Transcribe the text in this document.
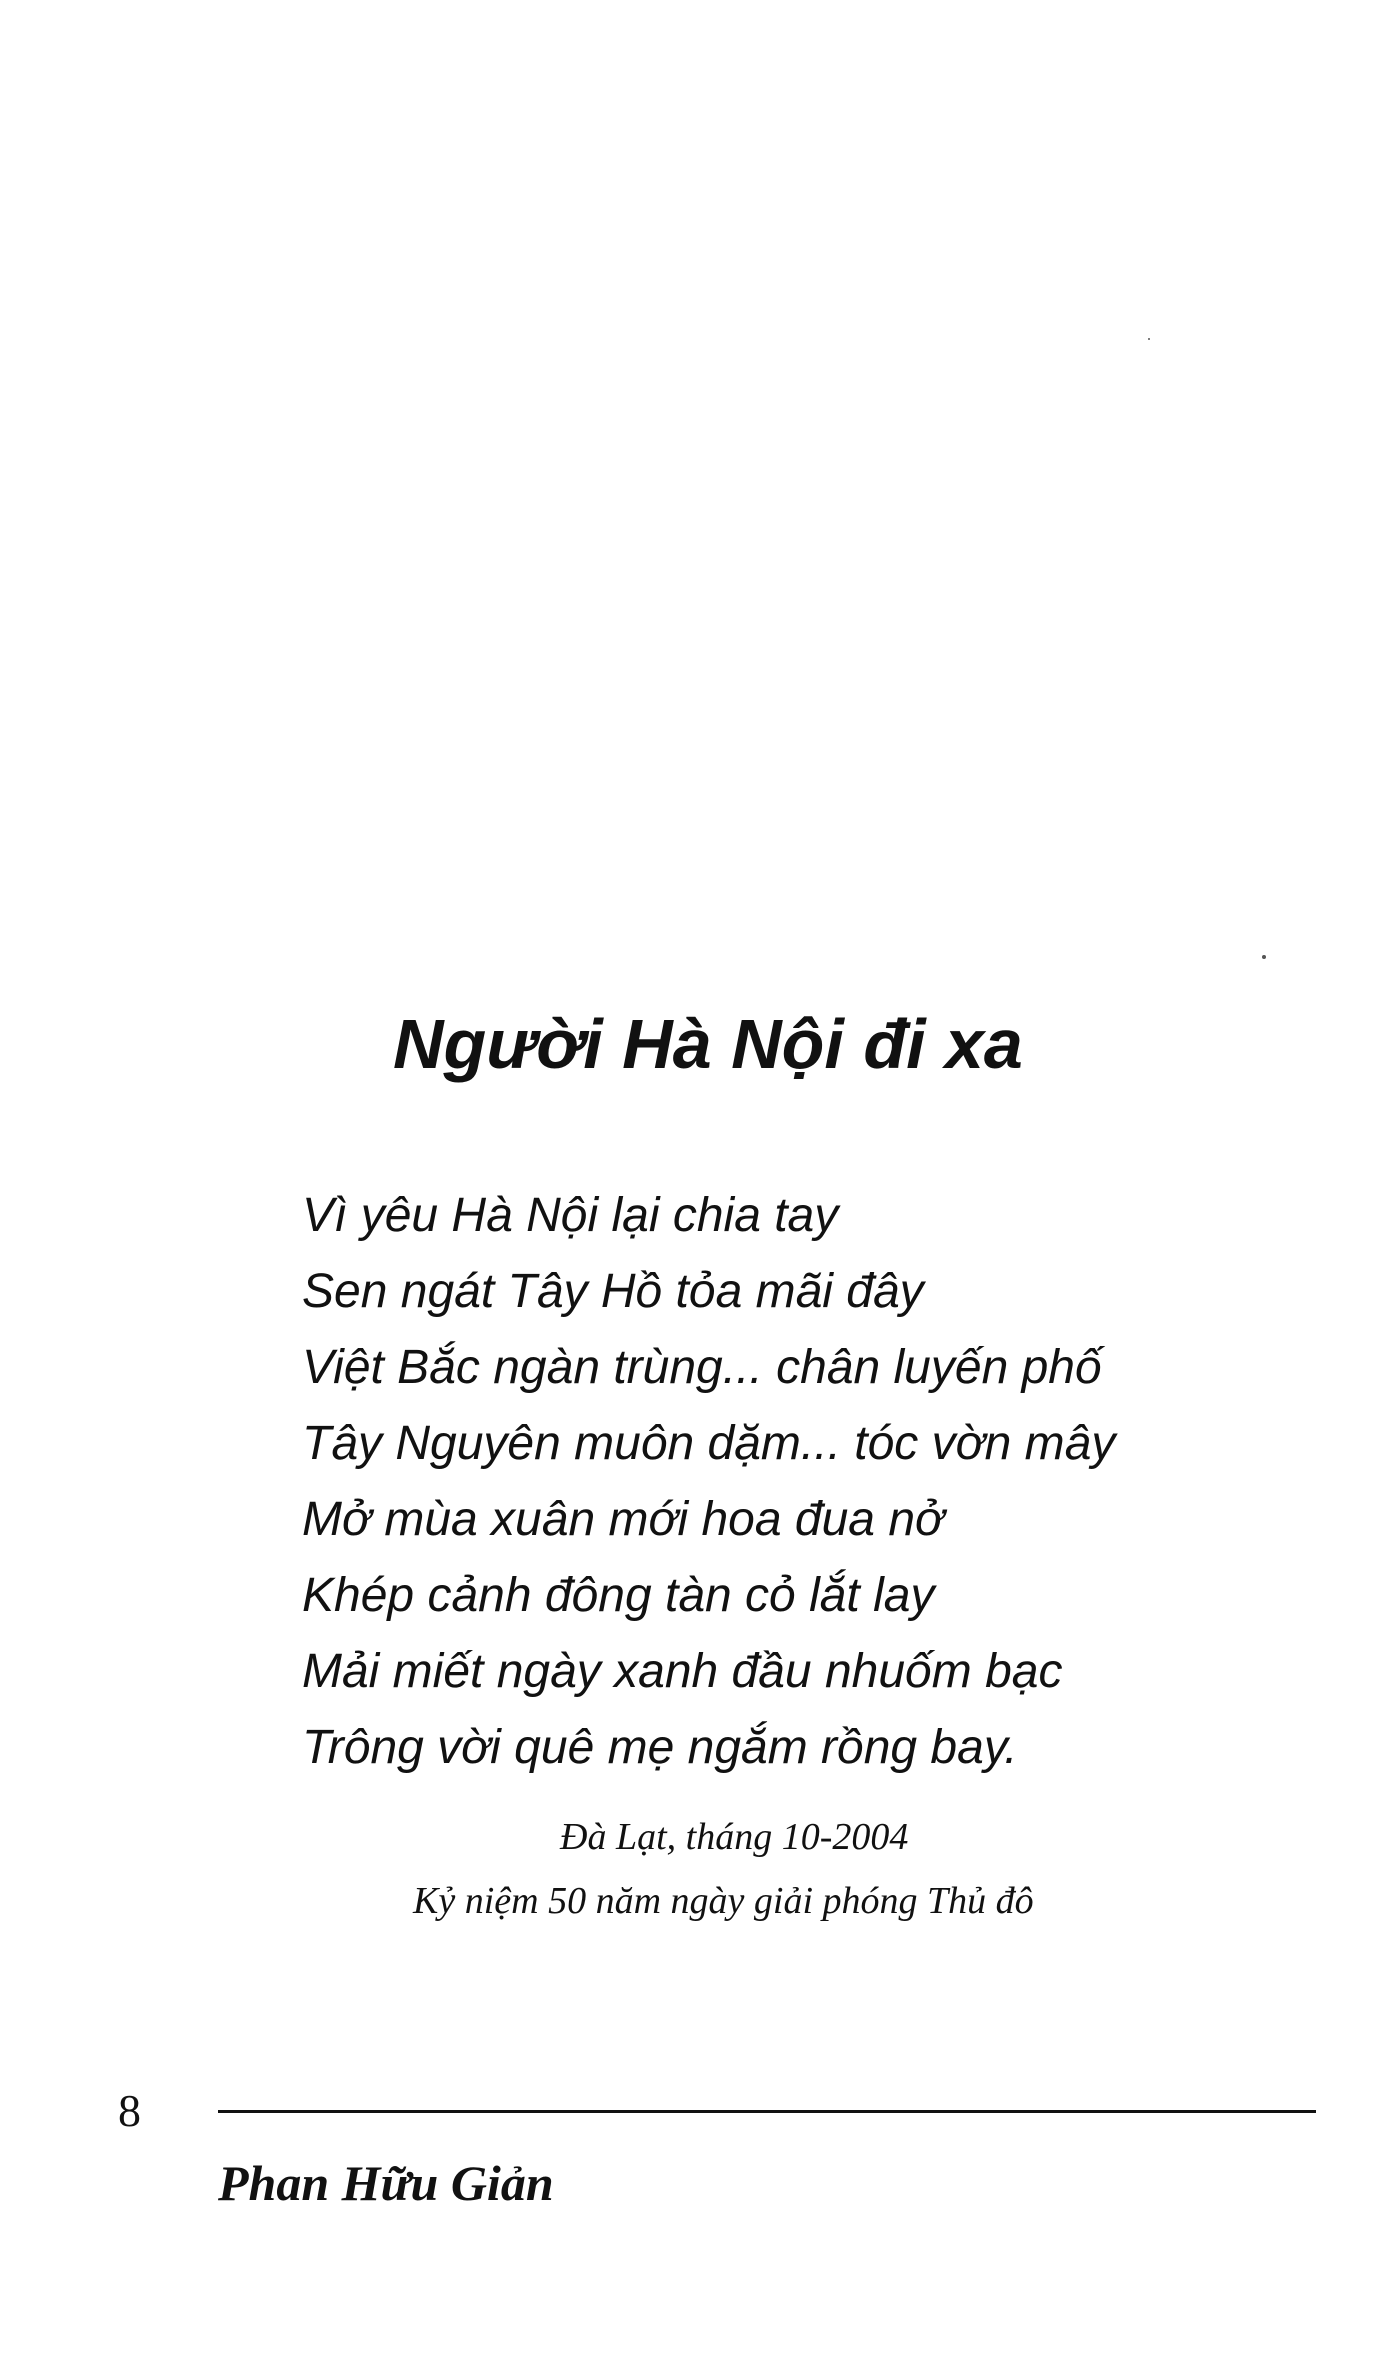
Người Hà Nội đi xa
Vì yêu Hà Nội lại chia tay
Sen ngát Tây Hồ tỏa mãi đây
Việt Bắc ngàn trùng... chân luyến phố
Tây Nguyên muôn dặm... tóc vờn mây
Mở mùa xuân mới hoa đua nở
Khép cảnh đông tàn cỏ lắt lay
Mải miết ngày xanh đầu nhuốm bạc
Trông vời quê mẹ ngắm rồng bay.
Đà Lạt, tháng 10-2004
Kỷ niệm 50 năm ngày giải phóng Thủ đô
8
Phan Hữu Giản
